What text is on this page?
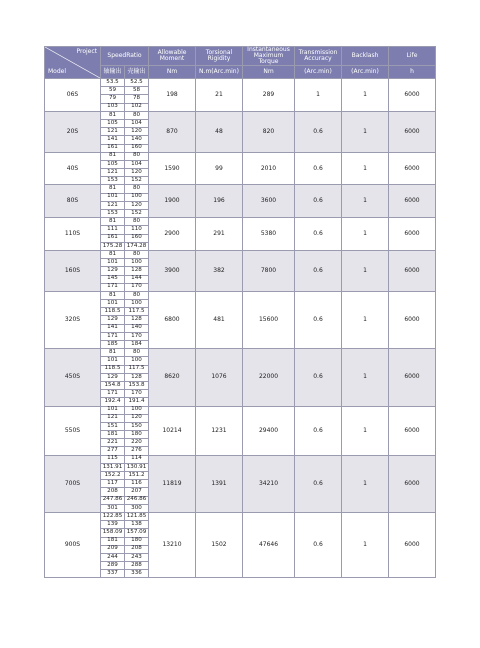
Project
Model	SpeedRatio		Allowable Moment	Torsional Rigidity	Instantaneous Maximum Torque	Transmission Accuracy	Backlash	Life
	轴输出	壳输出	Nm	N.m(Arc.min)	Nm	(Arc.min)	(Arc.min)	h
06S	53.5	52.5	198	21	289	1	1	6000
	59	58						
	79	78						
	103	102						
20S	81	80	870	48	820	0.6	1	6000
	105	104						
	121	120						
	141	140						
	161	160						
40S	81	80	1590	99	2010	0.6	1	6000
	105	104						
	121	120						
	153	152						
80S	81	80	1900	196	3600	0.6	1	6000
	101	100						
	121	120						
	153	152						
110S	81	80	2900	291	5380	0.6	1	6000
	111	110						
	161	160						
	175.28	174.28						
160S	81	80	3900	382	7800	0.6	1	6000
	101	100						
	129	128						
	145	144						
	171	170						
320S	81	80	6800	481	15600	0.6	1	6000
	101	100						
	118.5	117.5						
	129	128						
	141	140						
	171	170						
	185	184						
450S	81	80	8620	1076	22000	0.6	1	6000
	101	100						
	118.5	117.5						
	129	128						
	154.8	153.8						
	171	170						
	192.4	191.4						
550S	101	100	10214	1231	29400	0.6	1	6000
	121	120						
	151	150						
	181	180						
	221	220						
	277	276						
700S	115	114	11819	1391	34210	0.6	1	6000
	131.91	130.91						
	152.2	151.2						
	117	116						
	208	207						
	247.86	246.86						
	301	300						
900S	122.85	121.85	13210	1502	47646	0.6	1	6000
	139	138						
	158.09	157.09						
	181	180						
	209	208						
	244	243						
	289	288						
	337	336						
